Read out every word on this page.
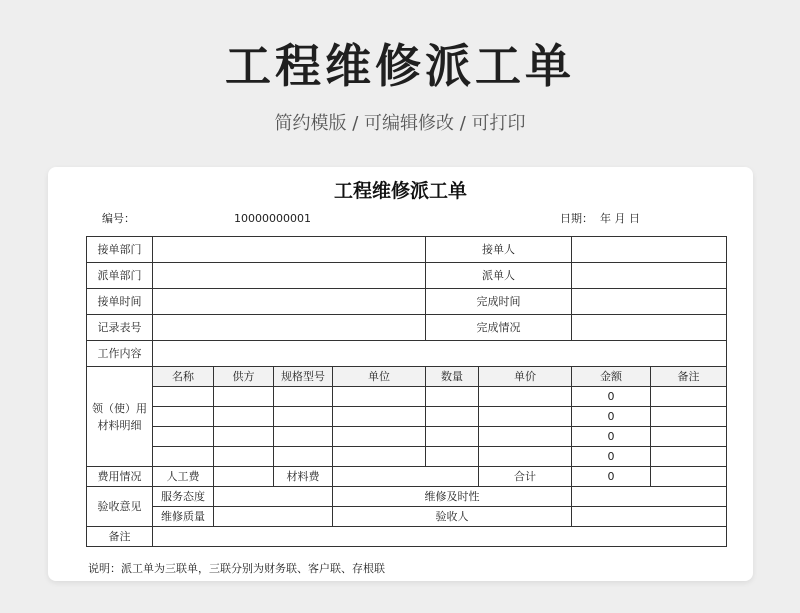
工程维修派工单
简约模版 / 可编辑修改 / 可打印
工程维修派工单
编号：	10000000001	日期： 年 月 日
接单部门					接单人			
派单部门					派单人			
接单时间					完成时间			
记录表号					完成情况			
工作内容								
领（使）用
材料明细	名称	供方	规格型号	单位	数量	单价	金额	备注
							0	
							0	
							0	
							0	
费用情况	人工费		材料费			合计	0	
验收意见	服务态度			维修及时性				
	维修质量			验收人				
备注								
说明：派工单为三联单，三联分别为财务联、客户联、存根联
